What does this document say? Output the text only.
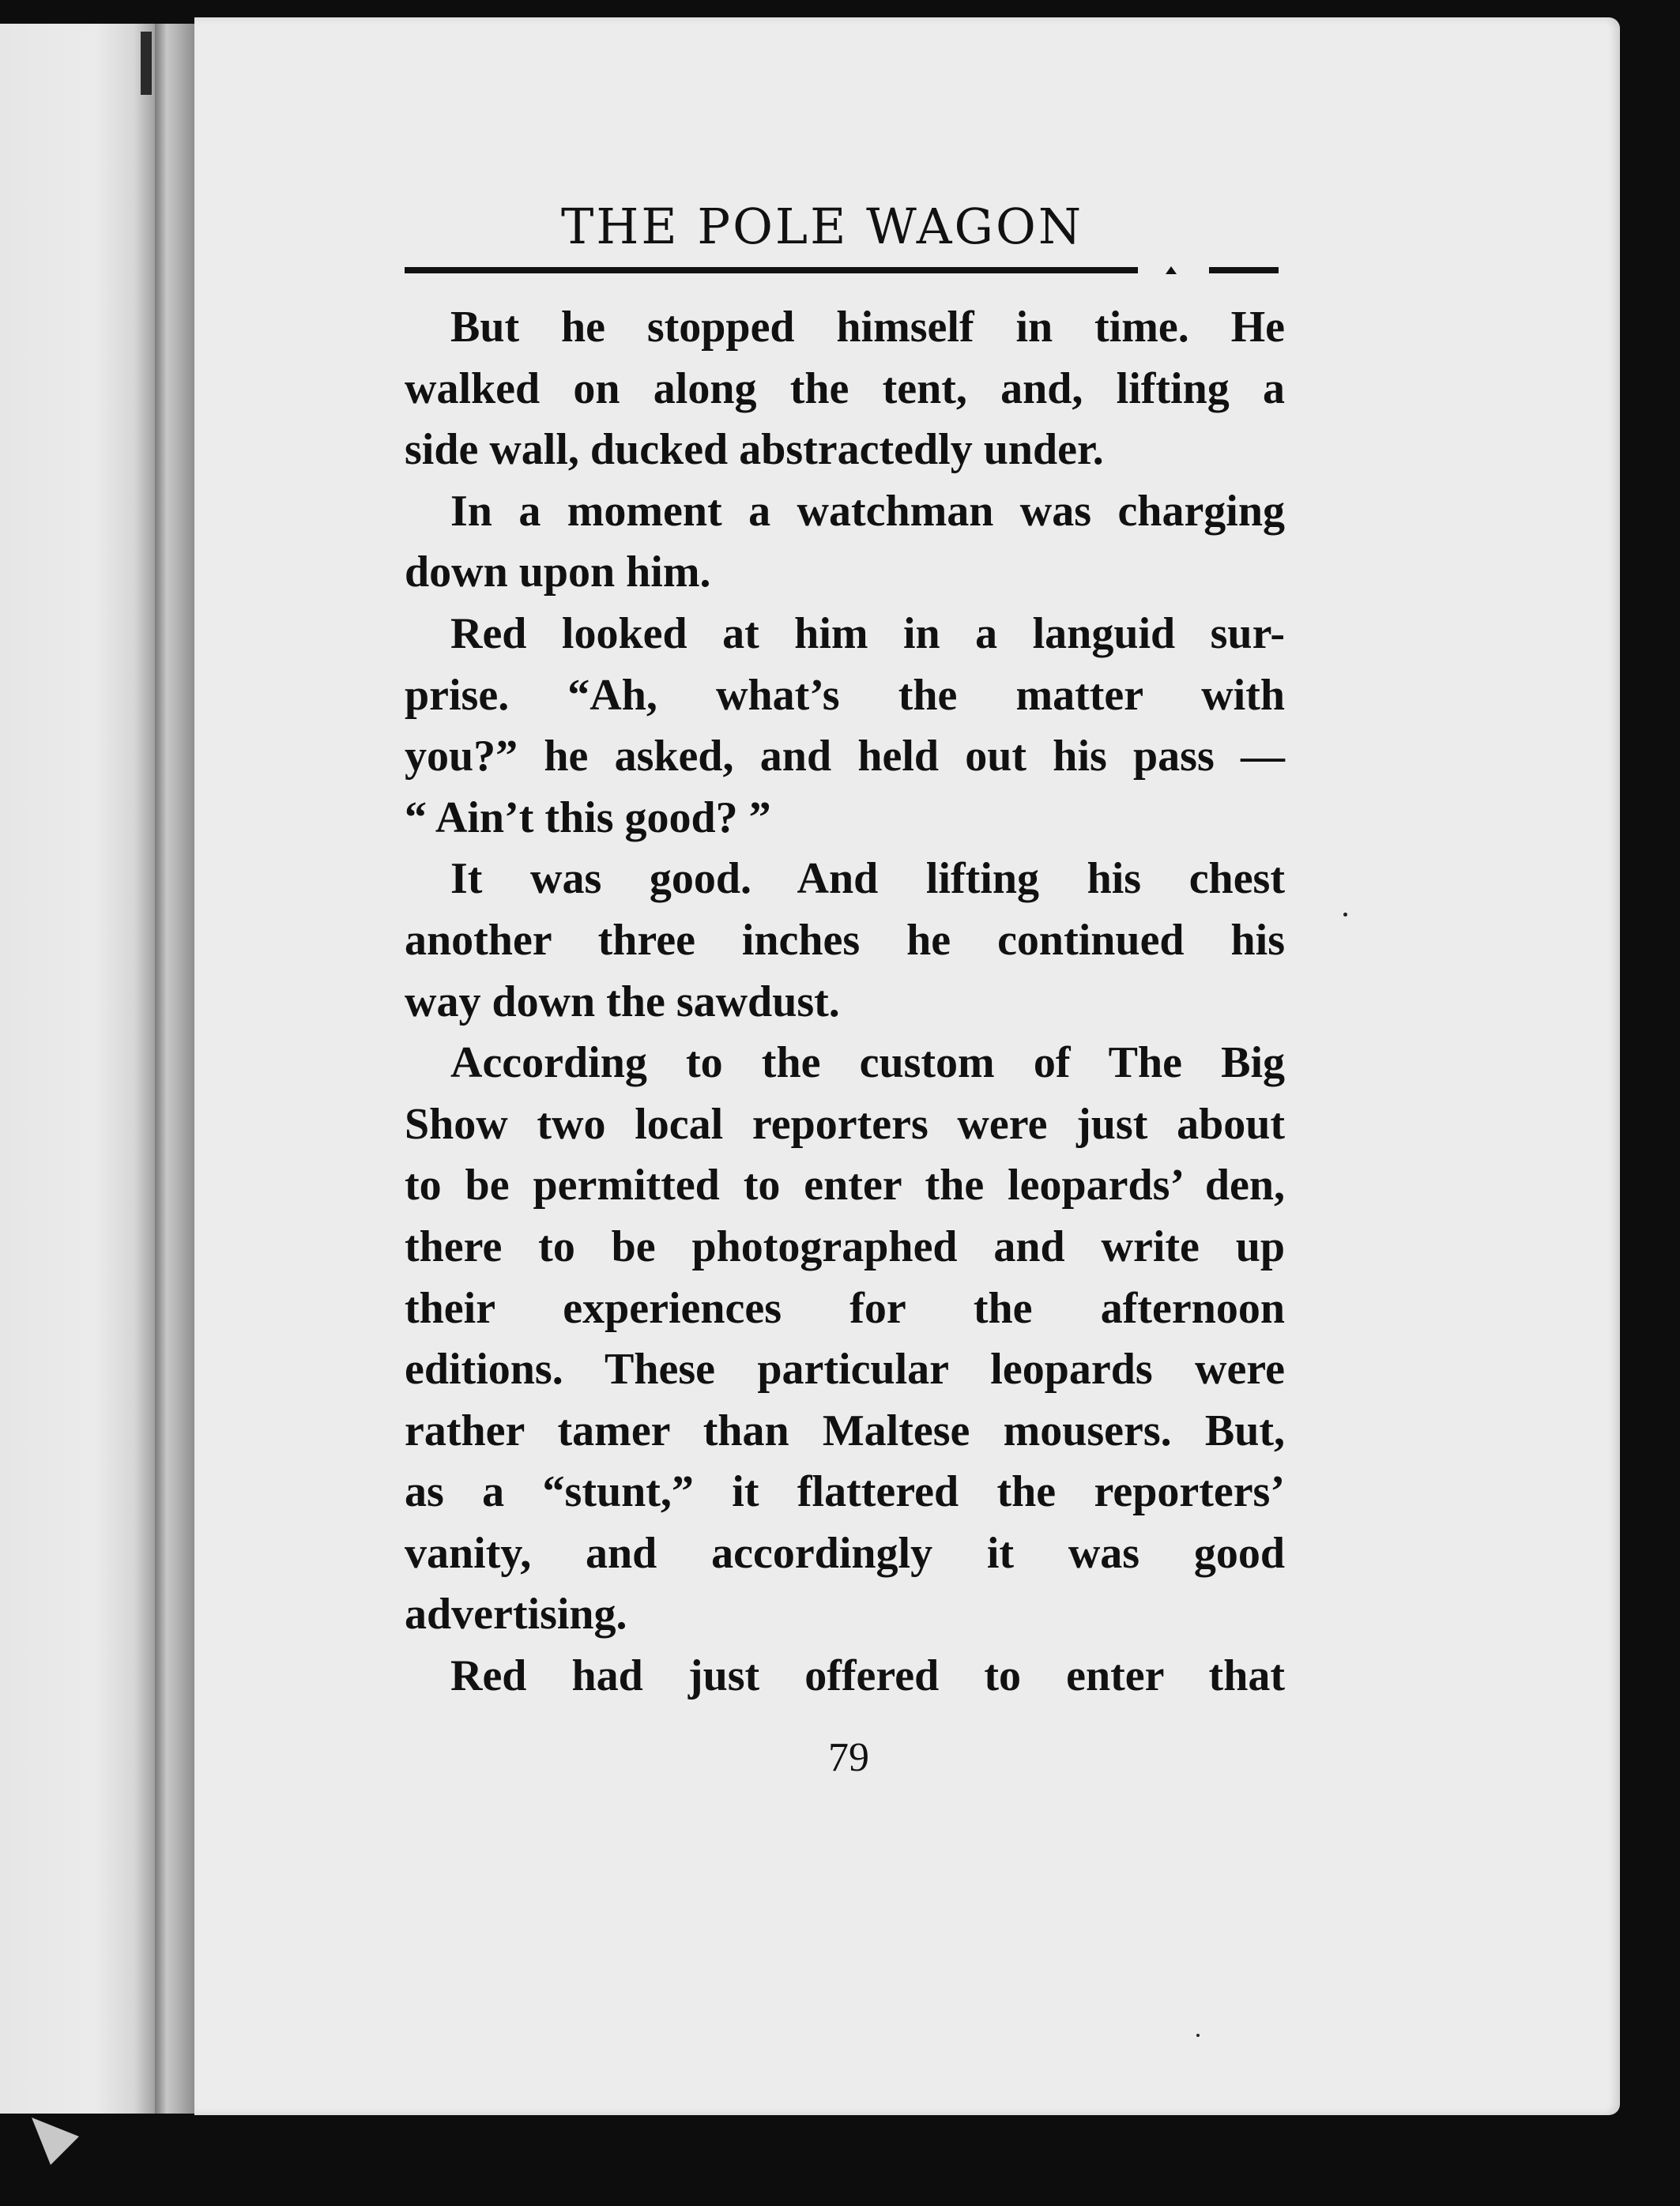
THE POLE WAGON
But he stopped himself in time. He
walked on along the tent, and, lifting a
side wall, ducked abstractedly under.
In a moment a watchman was charging
down upon him.
Red looked at him in a languid sur-
prise. “Ah, what’s the matter with
you?” he asked, and held out his pass —
“ Ain’t this good? ”
It was good. And lifting his chest
another three inches he continued his
way down the sawdust.
According to the custom of The Big
Show two local reporters were just about
to be permitted to enter the leopards’ den,
there to be photographed and write up
their experiences for the afternoon
editions. These particular leopards were
rather tamer than Maltese mousers. But,
as a “stunt,” it flattered the reporters’
vanity, and accordingly it was good
advertising.
Red had just offered to enter that
79
